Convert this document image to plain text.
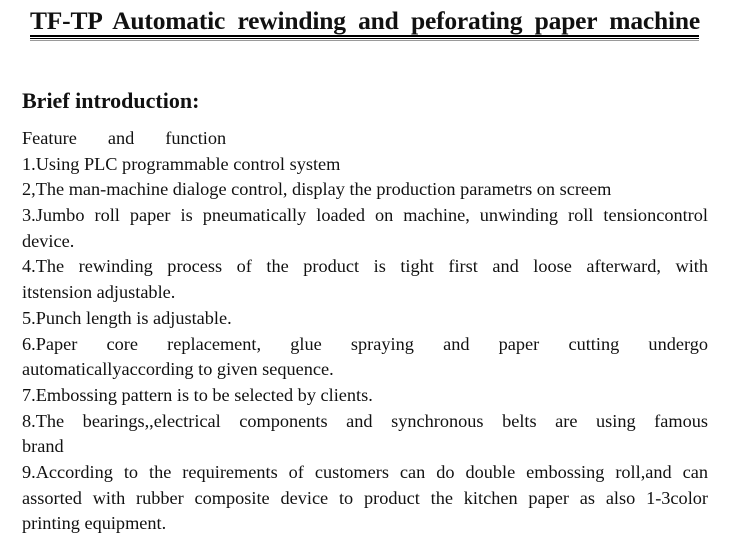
TF-TP Automatic rewinding and peforating paper machine
Brief introduction:
Feature and function
1.Using PLC programmable control system
2,The man-machine dialoge control, display the production parametrs on screem
3.Jumbo roll paper is pneumatically loaded on machine, unwinding roll tensioncontrol
device.
4.The rewinding process of the product is tight first and loose afterward, with
itstension adjustable.
5.Punch length is adjustable.
6.Paper core replacement, glue spraying and paper cutting undergo
automaticallyaccording to given sequence.
7.Embossing pattern is to be selected by clients.
8.The bearings,,electrical components and synchronous belts are using famous
brand
9.According to the requirements of customers can do double embossing roll,and can
assorted with rubber composite device to product the kitchen paper as also 1-3color
printing equipment.
